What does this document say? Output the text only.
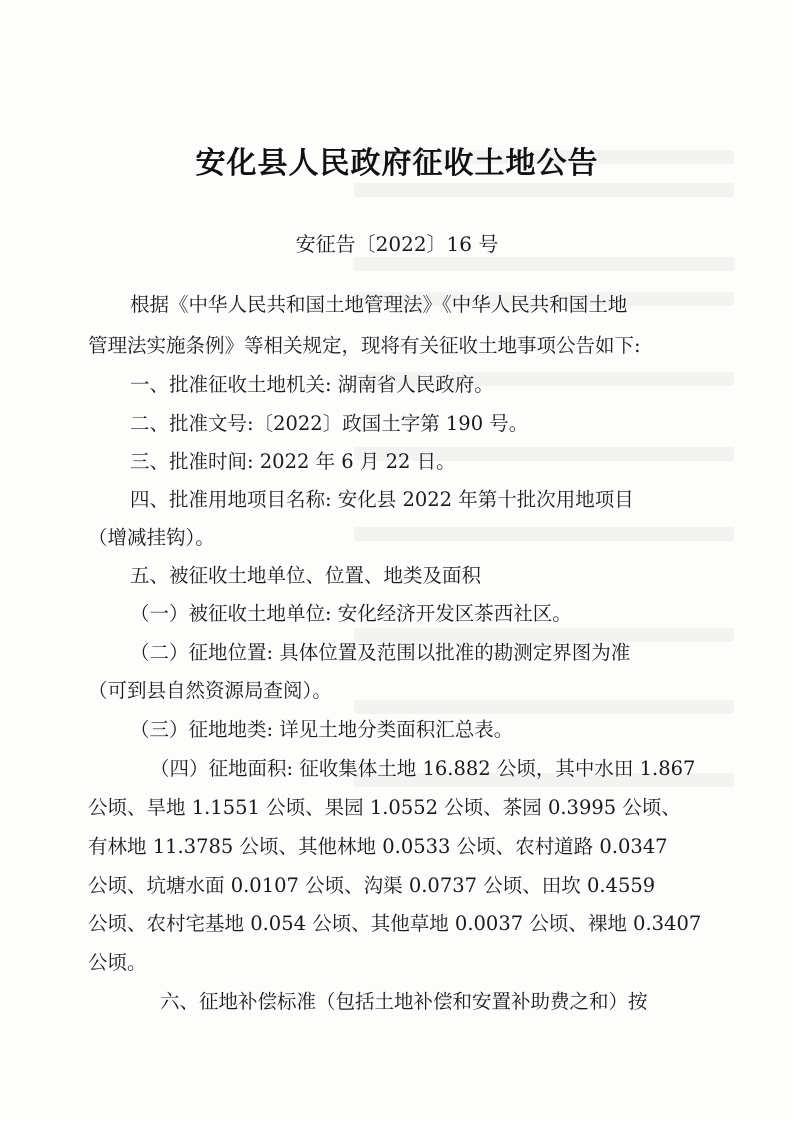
安化县人民政府征收土地公告
安征告〔2022〕16 号
根据《中华人民共和国土地管理法》《中华人民共和国土地
管理法实施条例》等相关规定，现将有关征收土地事项公告如下:
一、批准征收土地机关: 湖南省人民政府。
二、批准文号:〔2022〕政国土字第 190 号。
三、批准时间: 2022 年 6 月 22 日。
四、批准用地项目名称: 安化县 2022 年第十批次用地项目
（增减挂钩）。
五、被征收土地单位、位置、地类及面积
（一）被征收土地单位: 安化经济开发区茶西社区。
（二）征地位置: 具体位置及范围以批准的勘测定界图为准
（可到县自然资源局查阅）。
（三）征地地类: 详见土地分类面积汇总表。
（四）征地面积: 征收集体土地 16.882 公顷，其中水田 1.867
公顷、旱地 1.1551 公顷、果园 1.0552 公顷、茶园 0.3995 公顷、
有林地 11.3785 公顷、其他林地 0.0533 公顷、农村道路 0.0347
公顷、坑塘水面 0.0107 公顷、沟渠 0.0737 公顷、田坎 0.4559
公顷、农村宅基地 0.054 公顷、其他草地 0.0037 公顷、裸地 0.3407
公顷。
六、征地补偿标准（包括土地补偿和安置补助费之和）按
